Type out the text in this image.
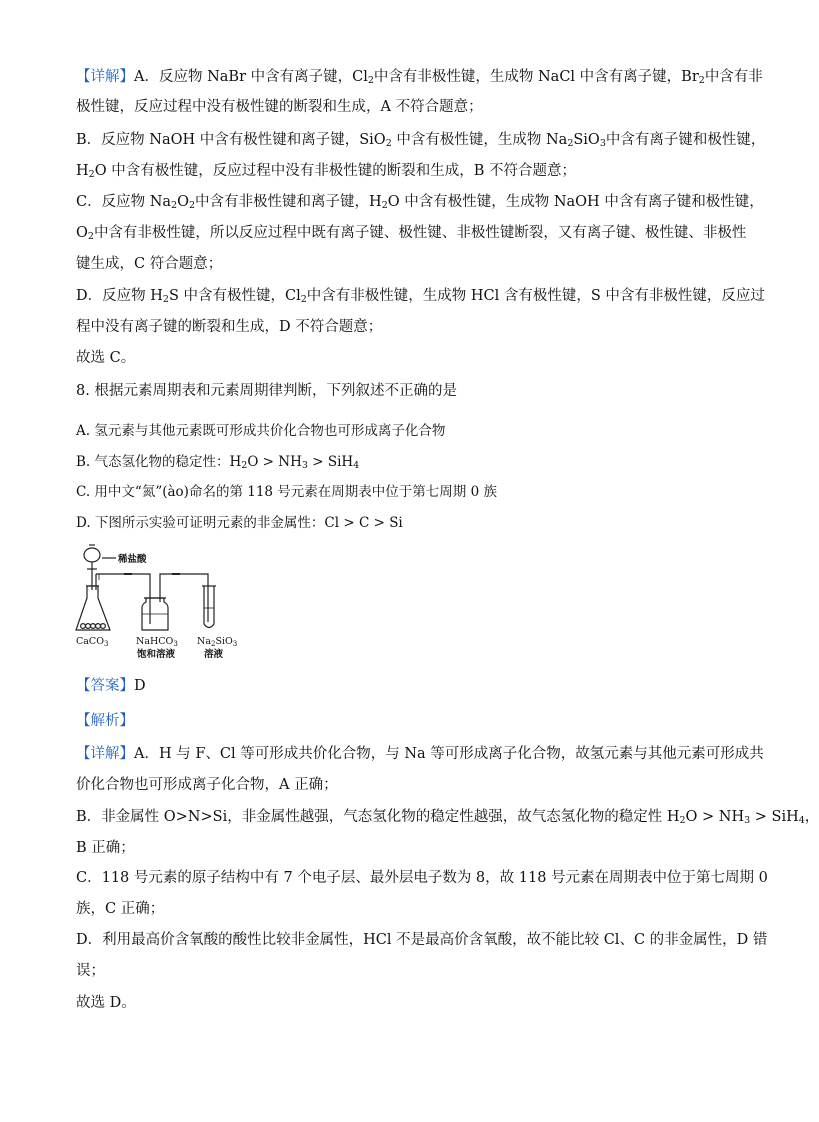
【详解】A．反应物 NaBr 中含有离子键，$Cl_2$中含有非极性键，生成物 NaCl 中含有离子键，$Br_2$中含有非
极性键，反应过程中没有极性键的断裂和生成，A 不符合题意；
B．反应物 NaOH 中含有极性键和离子键，SiO$_2$ 中含有极性键，生成物 $Na_2SiO_3$中含有离子键和极性键，
$H_2O$ 中含有极性键，反应过程中没有非极性键的断裂和生成，B 不符合题意；
C．反应物 $Na_2O_2$中含有非极性键和离子键，$H_2O$ 中含有极性键，生成物 NaOH 中含有离子键和极性键，
$O_2$中含有非极性键，所以反应过程中既有离子键、极性键、非极性键断裂，又有离子键、极性键、非极性
键生成，C 符合题意；
D．反应物 $H_2S$ 中含有极性键，$Cl_2$中含有非极性键，生成物 HCl 含有极性键，S 中含有非极性键，反应过
程中没有离子键的断裂和生成，D 不符合题意；
故选 C。
8. 根据元素周期表和元素周期律判断，下列叙述不正确的是
A. 氢元素与其他元素既可形成共价化合物也可形成离子化合物
B. 气态氢化物的稳定性：$H_2O > NH_3 > SiH_4$
C. 用中文“氮”(ào)命名的第 118 号元素在周期表中位于第七周期 0 族
D. 下图所示实验可证明元素的非金属性：Cl > C > Si
稀盐酸
CaCO$_3$	NaHCO$_3$
饱和溶液
$Na_2SiO_3$
溶液
【答案】D
【解析】
【详解】A．H 与 F、Cl 等可形成共价化合物，与 Na 等可形成离子化合物，故氢元素与其他元素可形成共
价化合物也可形成离子化合物，A 正确；
B．非金属性 O>N>Si，非金属性越强，气态氢化物的稳定性越强，故气态氢化物的稳定性 $H_2O > NH_3 > SiH_4$，
B 正确；
C．118 号元素的原子结构中有 7 个电子层、最外层电子数为 8，故 118 号元素在周期表中位于第七周期 0
族，C 正确；
D．利用最高价含氧酸的酸性比较非金属性，HCl 不是最高价含氧酸，故不能比较 Cl、C 的非金属性，D 错
误；
故选 D。
